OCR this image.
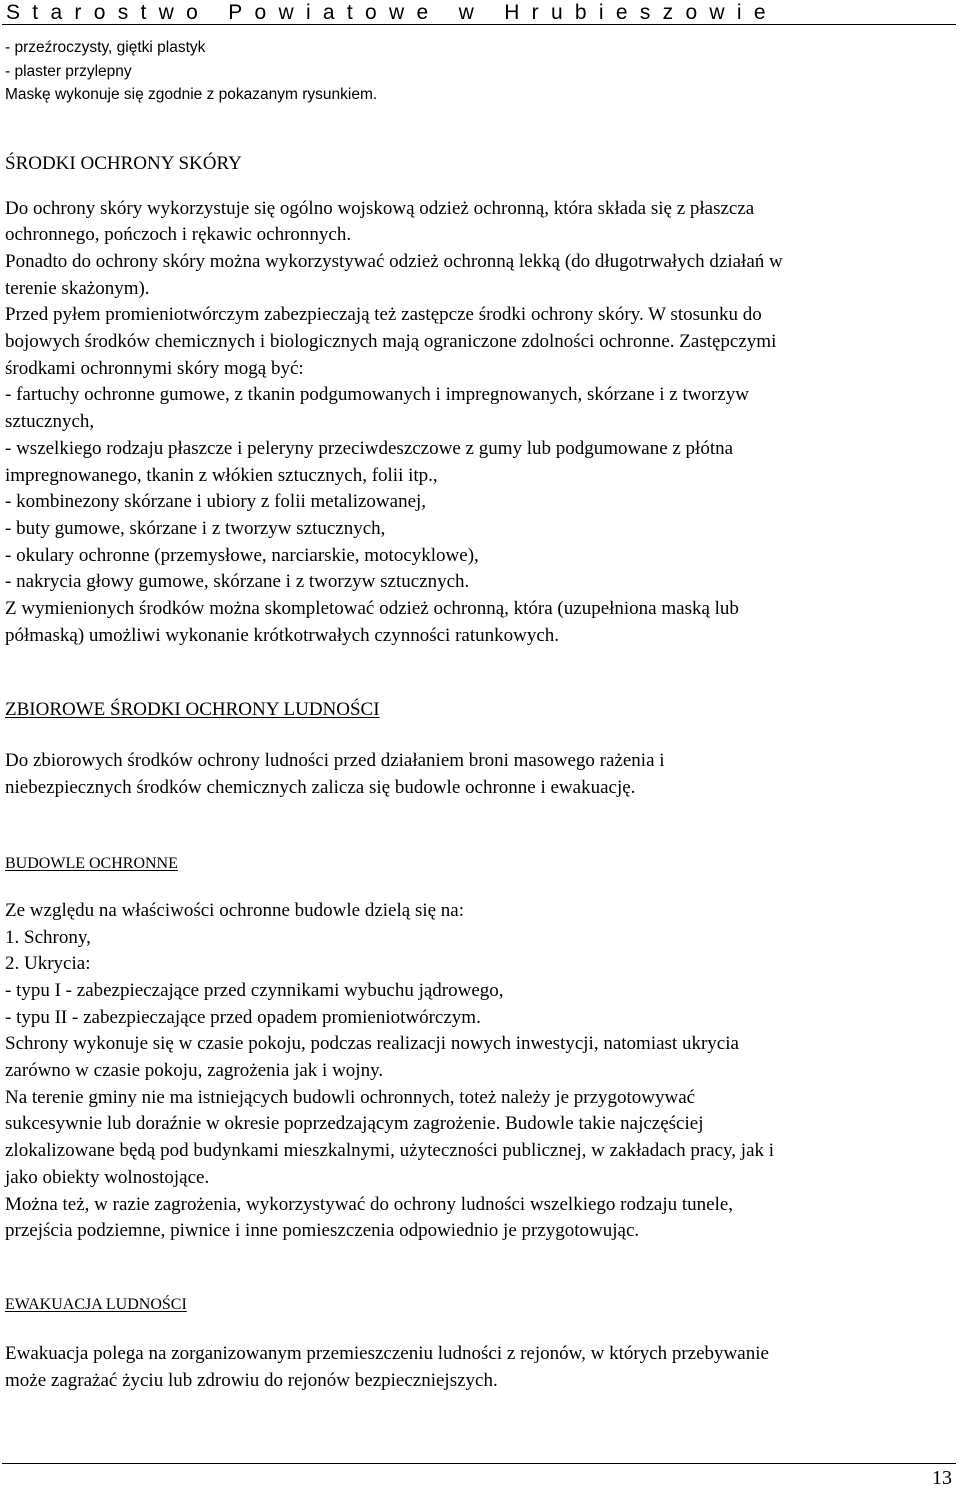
Starostwo Powiatowe w Hrubieszowie
- przeźroczysty, giętki plastyk
- plaster przylepny
Maskę wykonuje się zgodnie z pokazanym rysunkiem.
ŚRODKI OCHRONY SKÓRY
Do ochrony skóry wykorzystuje się ogólno wojskową odzież ochronną, która składa się z płaszcza
ochronnego, pończoch i rękawic ochronnych.
Ponadto do ochrony skóry można wykorzystywać odzież ochronną lekką (do długotrwałych działań w
terenie skażonym).
Przed pyłem promieniotwórczym zabezpieczają też zastępcze środki ochrony skóry. W stosunku do
bojowych środków chemicznych i biologicznych mają ograniczone zdolności ochronne. Zastępczymi
środkami ochronnymi skóry mogą być:
- fartuchy ochronne gumowe, z tkanin podgumowanych i impregnowanych, skórzane i z tworzyw
sztucznych,
- wszelkiego rodzaju płaszcze i peleryny przeciwdeszczowe z gumy lub podgumowane z płótna
impregnowanego, tkanin z włókien sztucznych, folii itp.,
- kombinezony skórzane i ubiory z folii metalizowanej,
- buty gumowe, skórzane i z tworzyw sztucznych,
- okulary ochronne (przemysłowe, narciarskie, motocyklowe),
- nakrycia głowy gumowe, skórzane i z tworzyw sztucznych.
Z wymienionych środków można skompletować odzież ochronną, która (uzupełniona maską lub
półmaską) umożliwi wykonanie krótkotrwałych czynności ratunkowych.
ZBIOROWE ŚRODKI OCHRONY LUDNOŚCI
Do zbiorowych środków ochrony ludności przed działaniem broni masowego rażenia i
niebezpiecznych środków chemicznych zalicza się budowle ochronne i ewakuację.
BUDOWLE OCHRONNE
Ze względu na właściwości ochronne budowle dzielą się na:
1. Schrony,
2. Ukrycia:
- typu I - zabezpieczające przed czynnikami wybuchu jądrowego,
- typu II - zabezpieczające przed opadem promieniotwórczym.
Schrony wykonuje się w czasie pokoju, podczas realizacji nowych inwestycji, natomiast ukrycia
zarówno w czasie pokoju, zagrożenia jak i wojny.
Na terenie gminy nie ma istniejących budowli ochronnych, toteż należy je przygotowywać
sukcesywnie lub doraźnie w okresie poprzedzającym zagrożenie. Budowle takie najczęściej
zlokalizowane będą pod budynkami mieszkalnymi, użyteczności publicznej, w zakładach pracy, jak i
jako obiekty wolnostojące.
Można też, w razie zagrożenia, wykorzystywać do ochrony ludności wszelkiego rodzaju tunele,
przejścia podziemne, piwnice i inne pomieszczenia odpowiednio je przygotowując.
EWAKUACJA LUDNOŚCI
Ewakuacja polega na zorganizowanym przemieszczeniu ludności z rejonów, w których przebywanie
może zagrażać życiu lub zdrowiu do rejonów bezpieczniejszych.
13
